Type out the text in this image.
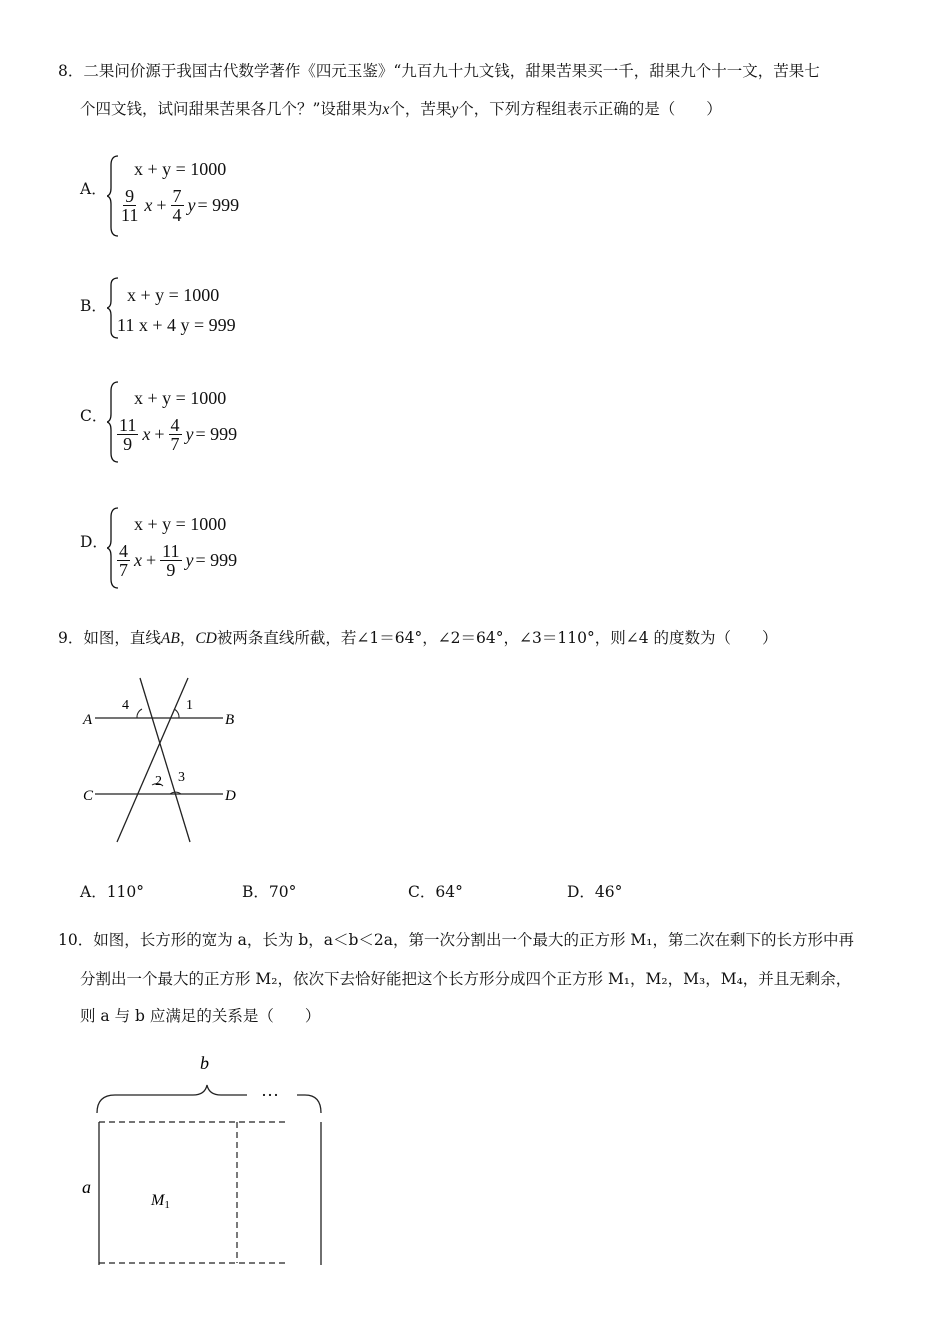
8．二果问价源于我国古代数学著作《四元玉鉴》“九百九十九文钱，甜果苦果买一千，甜果九个十一文，苦果七
个四文钱，试问甜果苦果各几个？”设甜果为x个，苦果y个，下列方程组表示正确的是（　　）
A．
x + y = 1000
$\frac{9}{11}$ $x + \frac{7}{4}$ y = 999
B．
x + y = 1000
11 x + 4 y = 999
C．
x + y = 1000
$\frac{11}{9}$ $x + \frac{4}{7}$ y = 999
D．
x + y = 1000
$\frac{4}{7}$ $x + \frac{11}{9}$ y = 999
9．如图，直线AB，CD被两条直线所截，若∠1＝64°，∠2＝64°，∠3＝110°，则∠4 的度数为（　　）
A	B
C	D
1
2 3
4
A．110°	B．70°	C．64°	D．46°
10．如图，长方形的宽为 a，长为 b，a＜b＜2a，第一次分割出一个最大的正方形 M₁，第二次在剩下的长方形中再
分割出一个最大的正方形 M₂，依次下去恰好能把这个长方形分成四个正方形 M₁，M₂，M₃，M₄，并且无剩余，
则 a 与 b 应满足的关系是（　　）
b
···
a
M1
